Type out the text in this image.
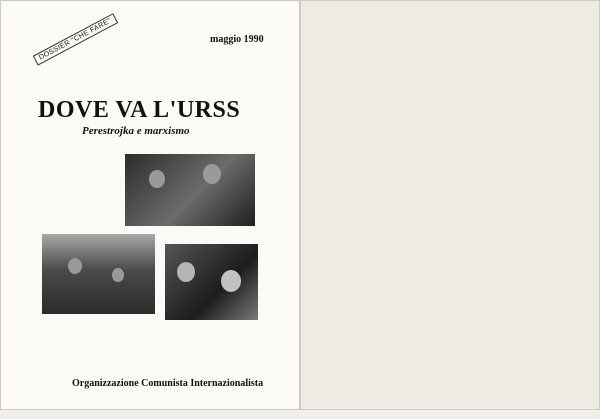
DOSSIER "CHE FARE"	maggio 1990
DOVE VA L'URSS
Perestrojka e marxismo
Organizzazione Comunista Internazionalista
